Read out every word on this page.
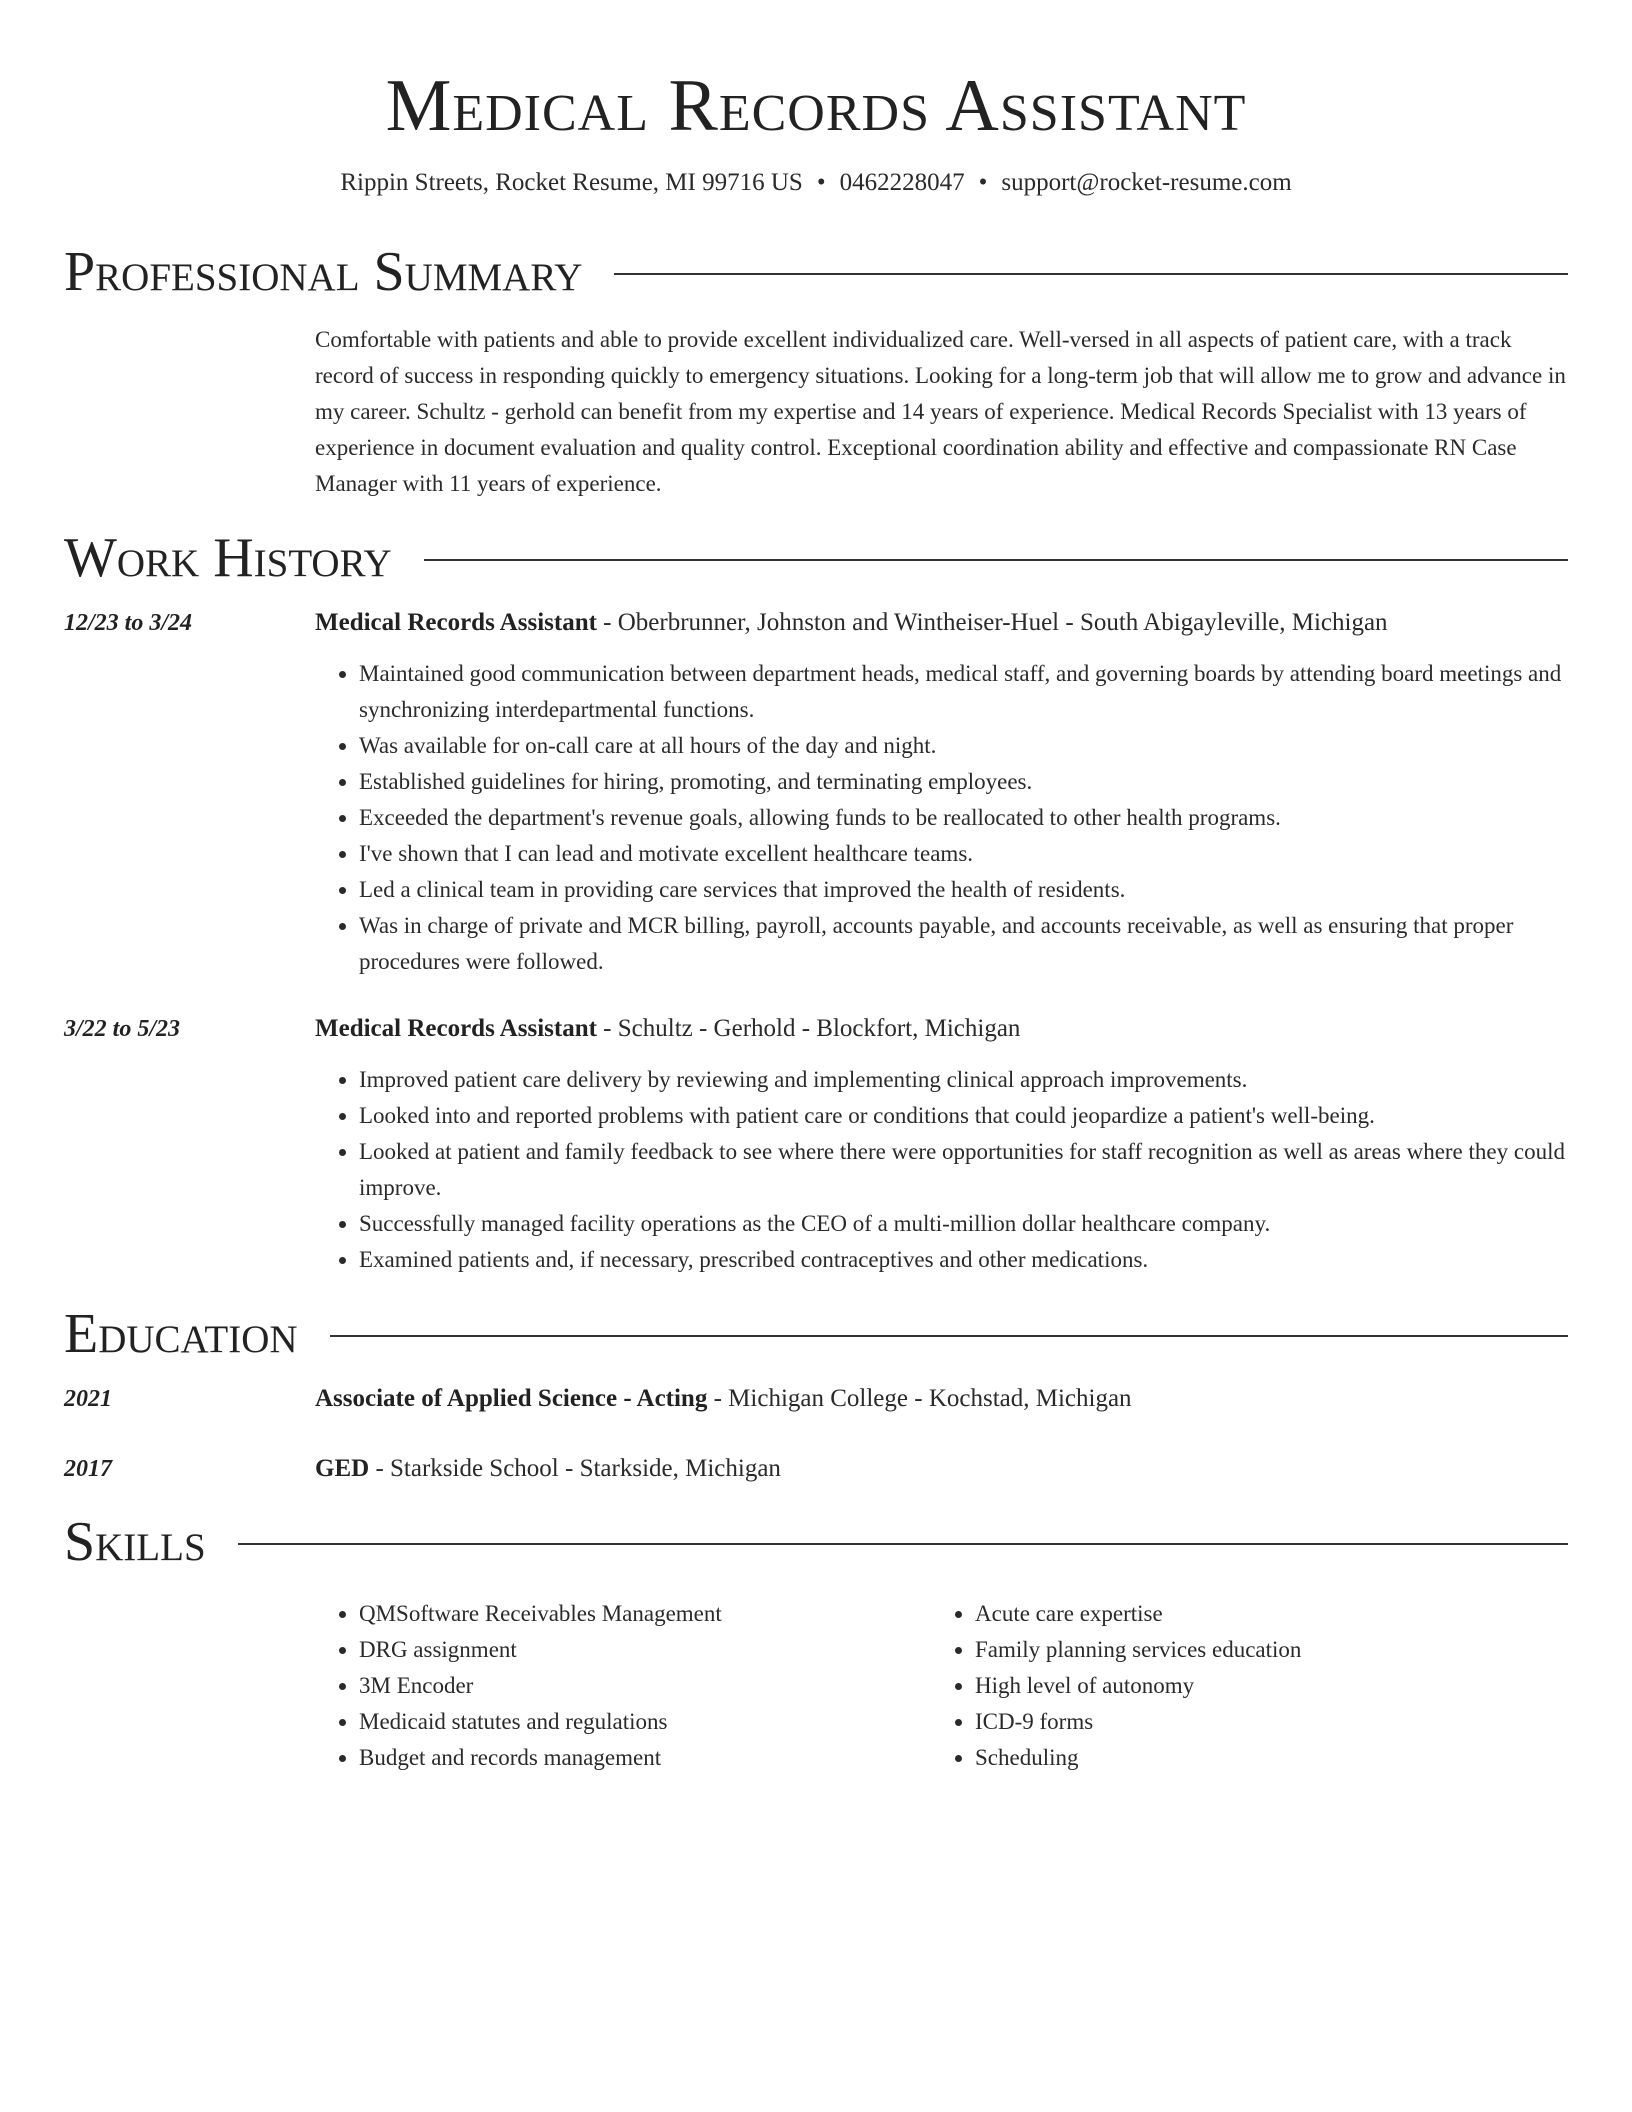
Medical Records Assistant
Rippin Streets, Rocket Resume, MI 99716 US • 0462228047 • support@rocket-resume.com
Professional Summary
Comfortable with patients and able to provide excellent individualized care. Well-versed in all aspects of patient care, with a track record of success in responding quickly to emergency situations. Looking for a long-term job that will allow me to grow and advance in my career. Schultz - gerhold can benefit from my expertise and 14 years of experience. Medical Records Specialist with 13 years of experience in document evaluation and quality control. Exceptional coordination ability and effective and compassionate RN Case Manager with 11 years of experience.
Work History
12/23 to 3/24	Medical Records Assistant - Oberbrunner, Johnston and Wintheiser-Huel - South Abigayleville, Michigan
• Maintained good communication between department heads, medical staff, and governing boards by attending board meetings and synchronizing interdepartmental functions.
• Was available for on-call care at all hours of the day and night.
• Established guidelines for hiring, promoting, and terminating employees.
• Exceeded the department's revenue goals, allowing funds to be reallocated to other health programs.
• I've shown that I can lead and motivate excellent healthcare teams.
• Led a clinical team in providing care services that improved the health of residents.
• Was in charge of private and MCR billing, payroll, accounts payable, and accounts receivable, as well as ensuring that proper procedures were followed.
3/22 to 5/23	Medical Records Assistant - Schultz - Gerhold - Blockfort, Michigan
• Improved patient care delivery by reviewing and implementing clinical approach improvements.
• Looked into and reported problems with patient care or conditions that could jeopardize a patient's well-being.
• Looked at patient and family feedback to see where there were opportunities for staff recognition as well as areas where they could improve.
• Successfully managed facility operations as the CEO of a multi-million dollar healthcare company.
• Examined patients and, if necessary, prescribed contraceptives and other medications.
Education
2021	Associate of Applied Science - Acting - Michigan College - Kochstad, Michigan
2017	GED - Starkside School - Starkside, Michigan
Skills
• QMSoftware Receivables Management
• DRG assignment
• 3M Encoder
• Medicaid statutes and regulations
• Budget and records management
• Acute care expertise
• Family planning services education
• High level of autonomy
• ICD-9 forms
• Scheduling
